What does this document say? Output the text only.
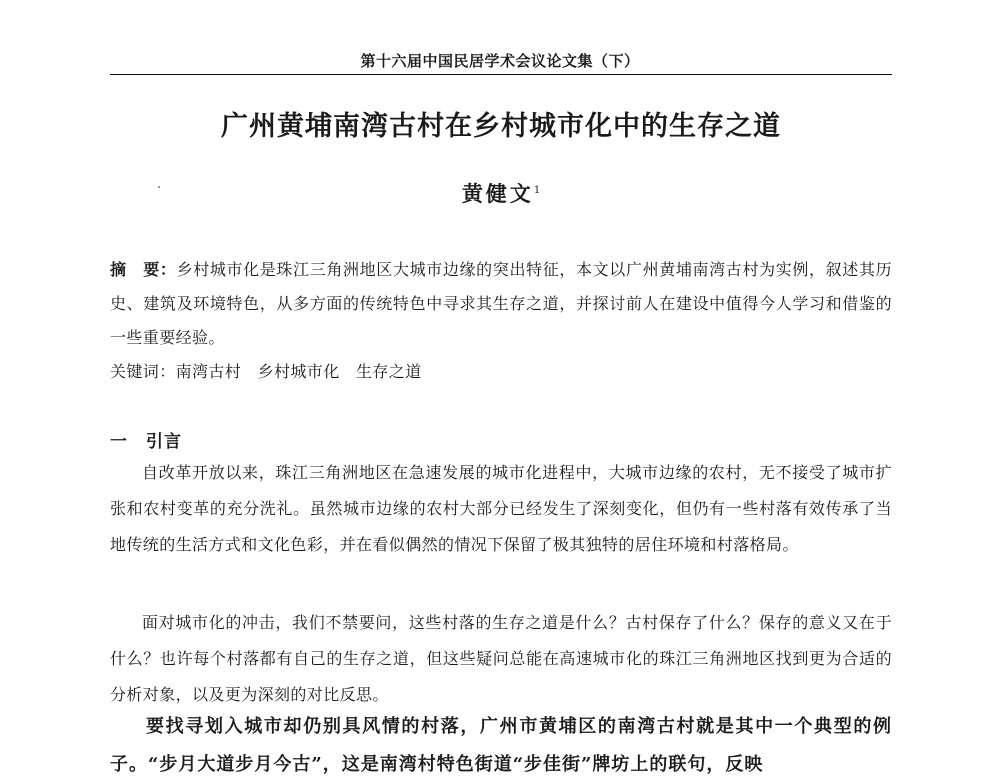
第十六届中国民居学术会议论文集（下）
广州黄埔南湾古村在乡村城市化中的生存之道
黄健文$^1$
摘　要：乡村城市化是珠江三角洲地区大城市边缘的突出特征，本文以广州黄埔南湾古村为实例，叙述其历史、建筑及环境特色，从多方面的传统特色中寻求其生存之道，并探讨前人在建设中值得今人学习和借鉴的一些重要经验。
关键词：南湾古村　乡村城市化　生存之道
一　引言

自改革开放以来，珠江三角洲地区在急速发展的城市化进程中，大城市边缘的农村，无不接受了城市扩张和农村变革的充分洗礼。虽然城市边缘的农村大部分已经发生了深刻变化，但仍有一些村落有效传承了当地传统的生活方式和文化色彩，并在看似偶然的情况下保留了极其独特的居住环境和村落格局。

面对城市化的冲击，我们不禁要问，这些村落的生存之道是什么？古村保存了什么？保存的意义又在于什么？也许每个村落都有自己的生存之道，但这些疑问总能在高速城市化的珠江三角洲地区找到更为合适的分析对象，以及更为深刻的对比反思。

要找寻划入城市却仍别具风情的村落，广州市黄埔区的南湾古村就是其中一个典型的例子。“步月大道步月今古”，这是南湾村特色街道“步佳街”牌坊上的联句，反映
